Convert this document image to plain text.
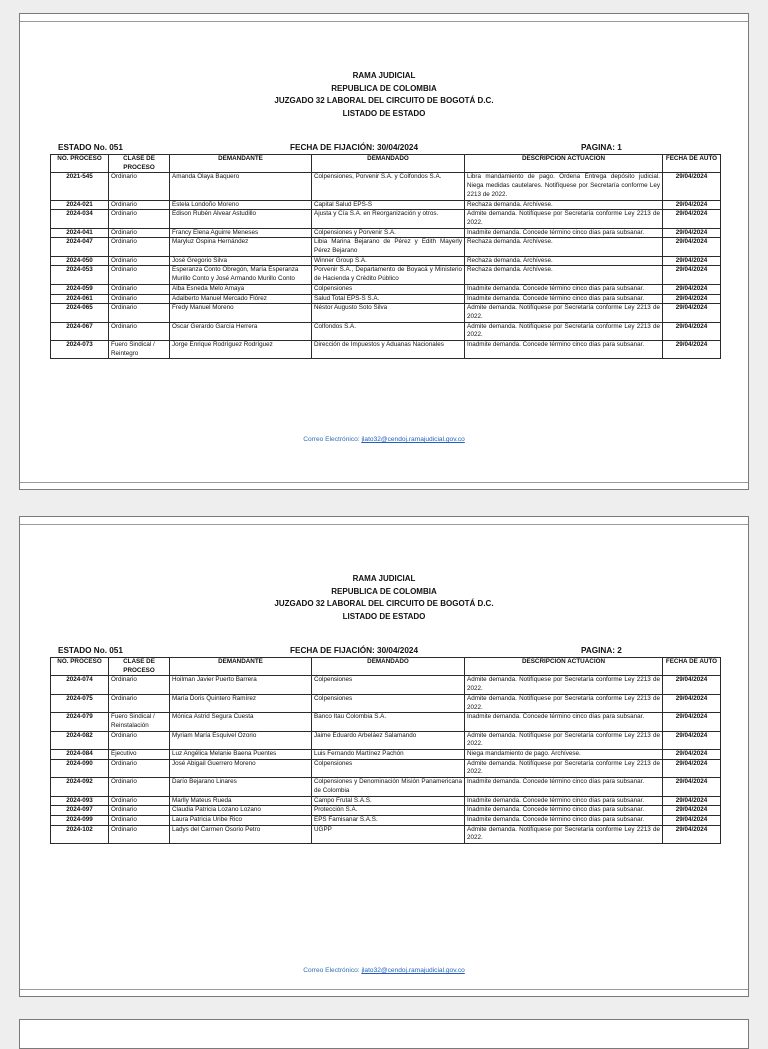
RAMA JUDICIAL
REPUBLICA DE COLOMBIA
JUZGADO 32 LABORAL DEL CIRCUITO DE BOGOTÁ D.C.
LISTADO DE ESTADO
ESTADO No. 051	FECHA DE FIJACIÓN: 30/04/2024	PAGINA: 1
NO. PROCESO	CLASE DE PROCESO	DEMANDANTE	DEMANDADO	DESCRIPCIÓN ACTUACIÓN	FECHA DE AUTO
2021-545	Ordinario	Amanda Olaya Baquero	Colpensiones, Porvenir S.A. y Colfondos S.A.	Libra mandamiento de pago. Ordena Entrega depósito judicial. Niega medidas cautelares. Notifíquese por Secretaría conforme Ley 2213 de 2022.	29/04/2024
2024-021	Ordinario	Estela Londoño Moreno	Capital Salud EPS-S	Rechaza demanda. Archívese.	29/04/2024
2024-034	Ordinario	Edison Rubén Alvear Astudillo	Ajusta y Cía S.A. en Reorganización y otros.	Admite demanda. Notifíquese por Secretaría conforme Ley 2213 de 2022.	29/04/2024
2024-041	Ordinario	Francy Elena Aguirre Meneses	Colpensiones y Porvenir S.A.	Inadmite demanda. Concede término cinco días para subsanar.	29/04/2024
2024-047	Ordinario	Maryluz Ospina Hernández	Libia Marina Bejarano de Pérez y Edith Mayerly Pérez Bejarano	Rechaza demanda. Archívese.	29/04/2024
2024-050	Ordinario	José Gregorio Silva	Winner Group S.A.	Rechaza demanda. Archívese.	29/04/2024
2024-053	Ordinario	Esperanza Conto Obregón, María Esperanza Murillo Conto y José Armando Murillo Conto	Porvenir S.A., Departamento de Boyacá y Ministerio de Hacienda y Crédito Público	Rechaza demanda. Archívese.	29/04/2024
2024-059	Ordinario	Alba Esneda Melo Amaya	Colpensiones	Inadmite demanda. Concede término cinco días para subsanar.	29/04/2024
2024-061	Ordinario	Adalberto Manuel Mercado Flórez	Salud Total EPS-S S.A.	Inadmite demanda. Concede término cinco días para subsanar.	29/04/2024
2024-065	Ordinario	Fredy Manuel Moreno	Néstor Augusto Soto Silva	Admite demanda. Notifíquese por Secretaría conforme Ley 2213 de 2022.	29/04/2024
2024-067	Ordinario	Oscar Gerardo García Herrera	Colfondos S.A.	Admite demanda. Notifíquese por Secretaría conforme Ley 2213 de 2022.	29/04/2024
2024-073	Fuero Sindical / Reintegro	Jorge Enrique Rodríguez Rodríguez	Dirección de Impuestos y Aduanas Nacionales	Inadmite demanda. Concede término cinco días para subsanar.	29/04/2024
Correo Electrónico: jlato32@cendoj.ramajudicial.gov.co
RAMA JUDICIAL
REPUBLICA DE COLOMBIA
JUZGADO 32 LABORAL DEL CIRCUITO DE BOGOTÁ D.C.
LISTADO DE ESTADO
ESTADO No. 051	FECHA DE FIJACIÓN: 30/04/2024	PAGINA: 2
NO. PROCESO	CLASE DE PROCESO	DEMANDANTE	DEMANDADO	DESCRIPCIÓN ACTUACIÓN	FECHA DE AUTO
2024-074	Ordinario	Hoilman Javier Puerto Barrera	Colpensiones	Admite demanda. Notifíquese por Secretaría conforme Ley 2213 de 2022.	29/04/2024
2024-075	Ordinario	María Doris Quintero Ramírez	Colpensiones	Admite demanda. Notifíquese por Secretaría conforme Ley 2213 de 2022.	29/04/2024
2024-079	Fuero Sindical / Reinstalación	Mónica Astrid Segura Cuesta	Banco Itau Colombia S.A.	Inadmite demanda. Concede término cinco días para subsanar.	29/04/2024
2024-082	Ordinario	Myriam María Esquivel Ozorio	Jaime Eduardo Arbeláez Salamando	Admite demanda. Notifíquese por Secretaría conforme Ley 2213 de 2022.	29/04/2024
2024-084	Ejecutivo	Luz Angélica Melanie Baena Puentes	Luis Fernando Martínez Pachón	Niega mandamiento de pago. Archívese.	29/04/2024
2024-090	Ordinario	José Abigail Guerrero Moreno	Colpensiones	Admite demanda. Notifíquese por Secretaría conforme Ley 2213 de 2022.	29/04/2024
2024-092	Ordinario	Darío Bejarano Linares	Colpensiones y Denominación Misión Panamericana de Colombia	Inadmite demanda. Concede término cinco días para subsanar.	29/04/2024
2024-093	Ordinario	Marlly Mateus Rueda	Campo Frutal S.A.S.	Inadmite demanda. Concede término cinco días para subsanar.	29/04/2024
2024-097	Ordinario	Claudia Patricia Lozano Lozano	Protección S.A.	Inadmite demanda. Concede término cinco días para subsanar.	29/04/2024
2024-099	Ordinario	Laura Patricia Uribe Rico	EPS Famisanar S.A.S.	Inadmite demanda. Concede término cinco días para subsanar.	29/04/2024
2024-102	Ordinario	Ladys del Carmen Osorio Petro	UGPP	Admite demanda. Notifíquese por Secretaría conforme Ley 2213 de 2022.	29/04/2024
Correo Electrónico: jlato32@cendoj.ramajudicial.gov.co
